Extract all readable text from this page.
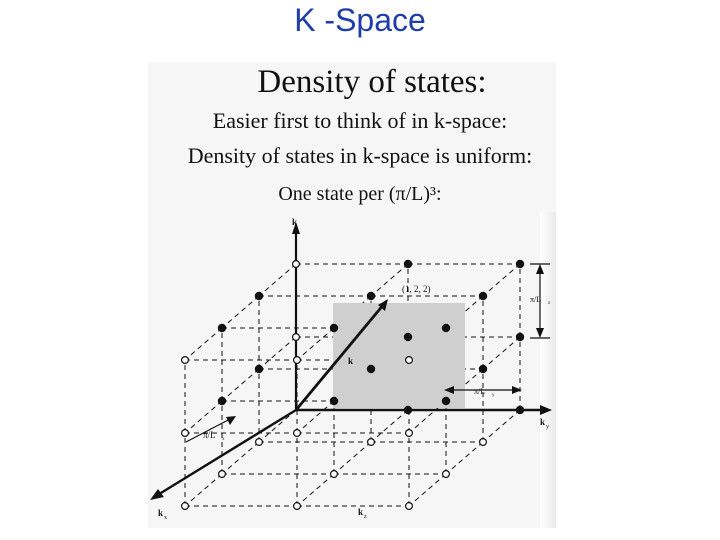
K -Space
Density of states:
Easier first to think of in k-space:
Density of states in k-space is uniform:
One state per (π/L)³:
(1, 2, 2)
k
k
k y
k x
k z
π/L z
π/L y
π/L x
